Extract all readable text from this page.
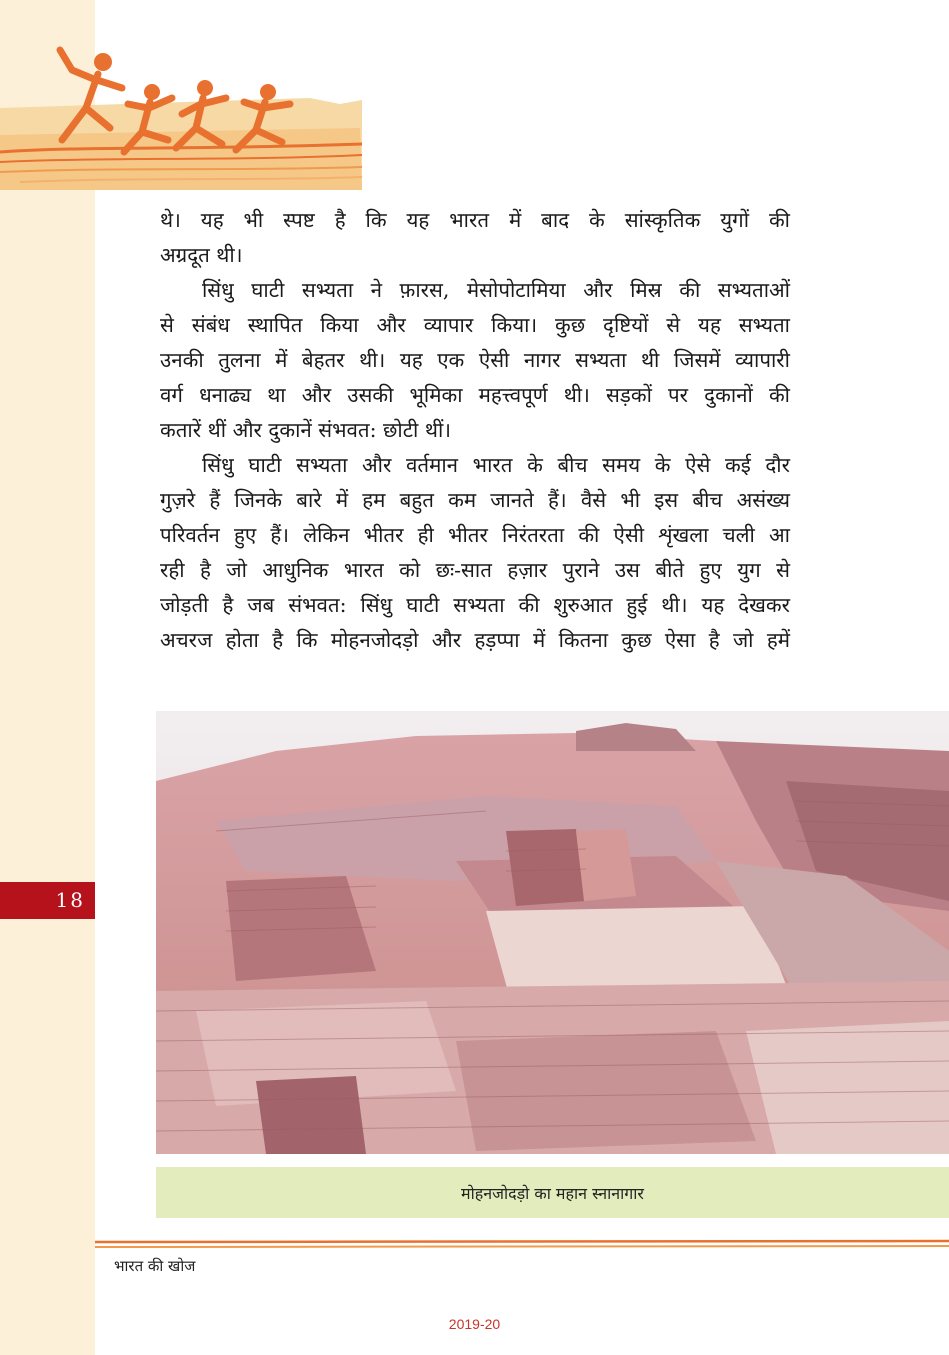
18

थे। यह भी स्पष्ट है कि यह भारत में बाद के सांस्कृतिक युगों की

अग्रदूत थी।

सिंधु घाटी सभ्यता ने फ़ारस, मेसोपोटामिया और मिस्र की सभ्यताओं

से संबंध स्थापित किया और व्यापार किया। कुछ दृष्टियों से यह सभ्यता

उनकी तुलना में बेहतर थी। यह एक ऐसी नागर सभ्यता थी जिसमें व्यापारी

वर्ग धनाढ्य था और उसकी भूमिका महत्त्वपूर्ण थी। सड़कों पर दुकानों की

कतारें थीं और दुकानें संभवत: छोटी थीं।

सिंधु घाटी सभ्यता और वर्तमान भारत के बीच समय के ऐसे कई दौर

गुज़रे हैं जिनके बारे में हम बहुत कम जानते हैं। वैसे भी इस बीच असंख्य

परिवर्तन हुए हैं। लेकिन भीतर ही भीतर निरंतरता की ऐसी शृंखला चली आ

रही है जो आधुनिक भारत को छः-सात हज़ार पुराने उस बीते हुए युग से

जोड़ती है जब संभवत: सिंधु घाटी सभ्यता की शुरुआत हुई थी। यह देखकर

अचरज होता है कि मोहनजोदड़ो और हड़प्पा में कितना कुछ ऐसा है जो हमें

मोहनजोदड़ो का महान स्नानागार
भारत की खोज
2019-20
